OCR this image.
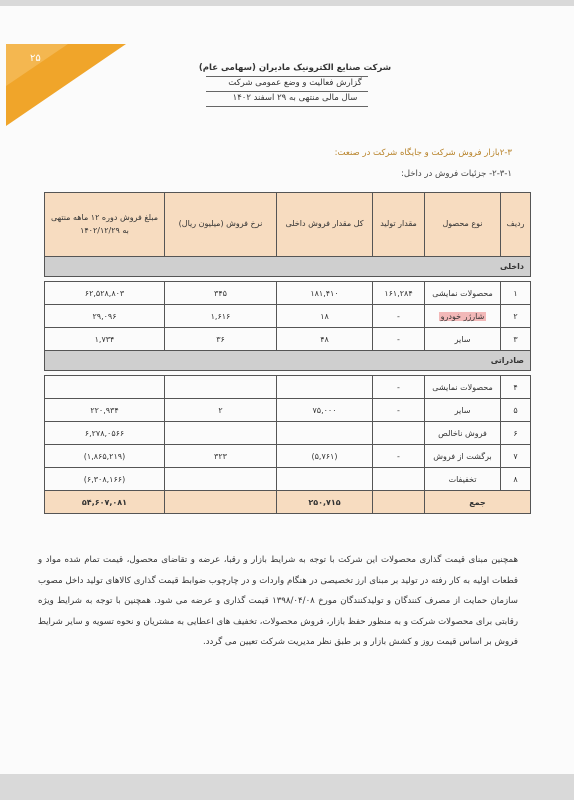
۲۵
شرکت صنایع الکترونیک مادیران (سهامی عام)
گزارش فعالیت و وضع عمومی شرکت
سال مالی منتهی به ۲۹ اسفند ۱۴۰۲
۲-۳بازار فروش شرکت و جایگاه شرکت در صنعت:
۲-۳-۱- جزئیات فروش در داخل:
ردیف	نوع محصول	مقدار تولید	کل مقدار فروش داخلی	نرخ فروش (میلیون ریال)	مبلغ فروش دوره ۱۲ ماهه منتهی به ۱۴۰۲/۱۲/۲۹
داخلی					

۱	محصولات نمایشی	۱۶۱,۲۸۴	۱۸۱,۴۱۰	۳۴۵	۶۲,۵۲۸,۸۰۳
۲	شارژر خودرو	-	۱۸	۱,۶۱۶	۲۹,۰۹۶
۳	سایر	-	۴۸	۳۶	۱,۷۳۴
صادراتی					

۴	محصولات نمایشی	-			
۵	سایر	-	۷۵,۰۰۰	۲	۲۲۰,۹۳۴
۶	فروش ناخالص				۶,۲۷۸,۰۵۶۶
۷	برگشت از فروش	-	(۵,۷۶۱)	۳۲۳	(۱,۸۶۵,۲۱۹)
۸	تخفیفات				(۶,۳۰۸,۱۶۶)
جمع			۲۵۰,۷۱۵		۵۴,۶۰۷,۰۸۱
همچنین مبنای قیمت گذاری محصولات این شرکت با توجه به شرایط بازار و رقبا، عرضه و تقاضای محصول، قیمت تمام شده مواد و قطعات اولیه به کار رفته در تولید بر مبنای ارز تخصیصی در هنگام واردات و در چارچوب ضوابط قیمت گذاری کالاهای تولید داخل مصوب سازمان حمایت از مصرف کنندگان و تولیدکنندگان مورخ ۱۳۹۸/۰۴/۰۸ قیمت گذاری و عرضه می شود. همچنین با توجه به شرایط ویژه رقابتی برای محصولات شرکت و به منظور حفظ بازار، فروش محصولات، تخفیف های اعطایی به مشتریان و نحوه تسویه و سایر شرایط فروش بر اساس قیمت روز و کشش بازار و بر طبق نظر مدیریت شرکت تعیین می گردد.
